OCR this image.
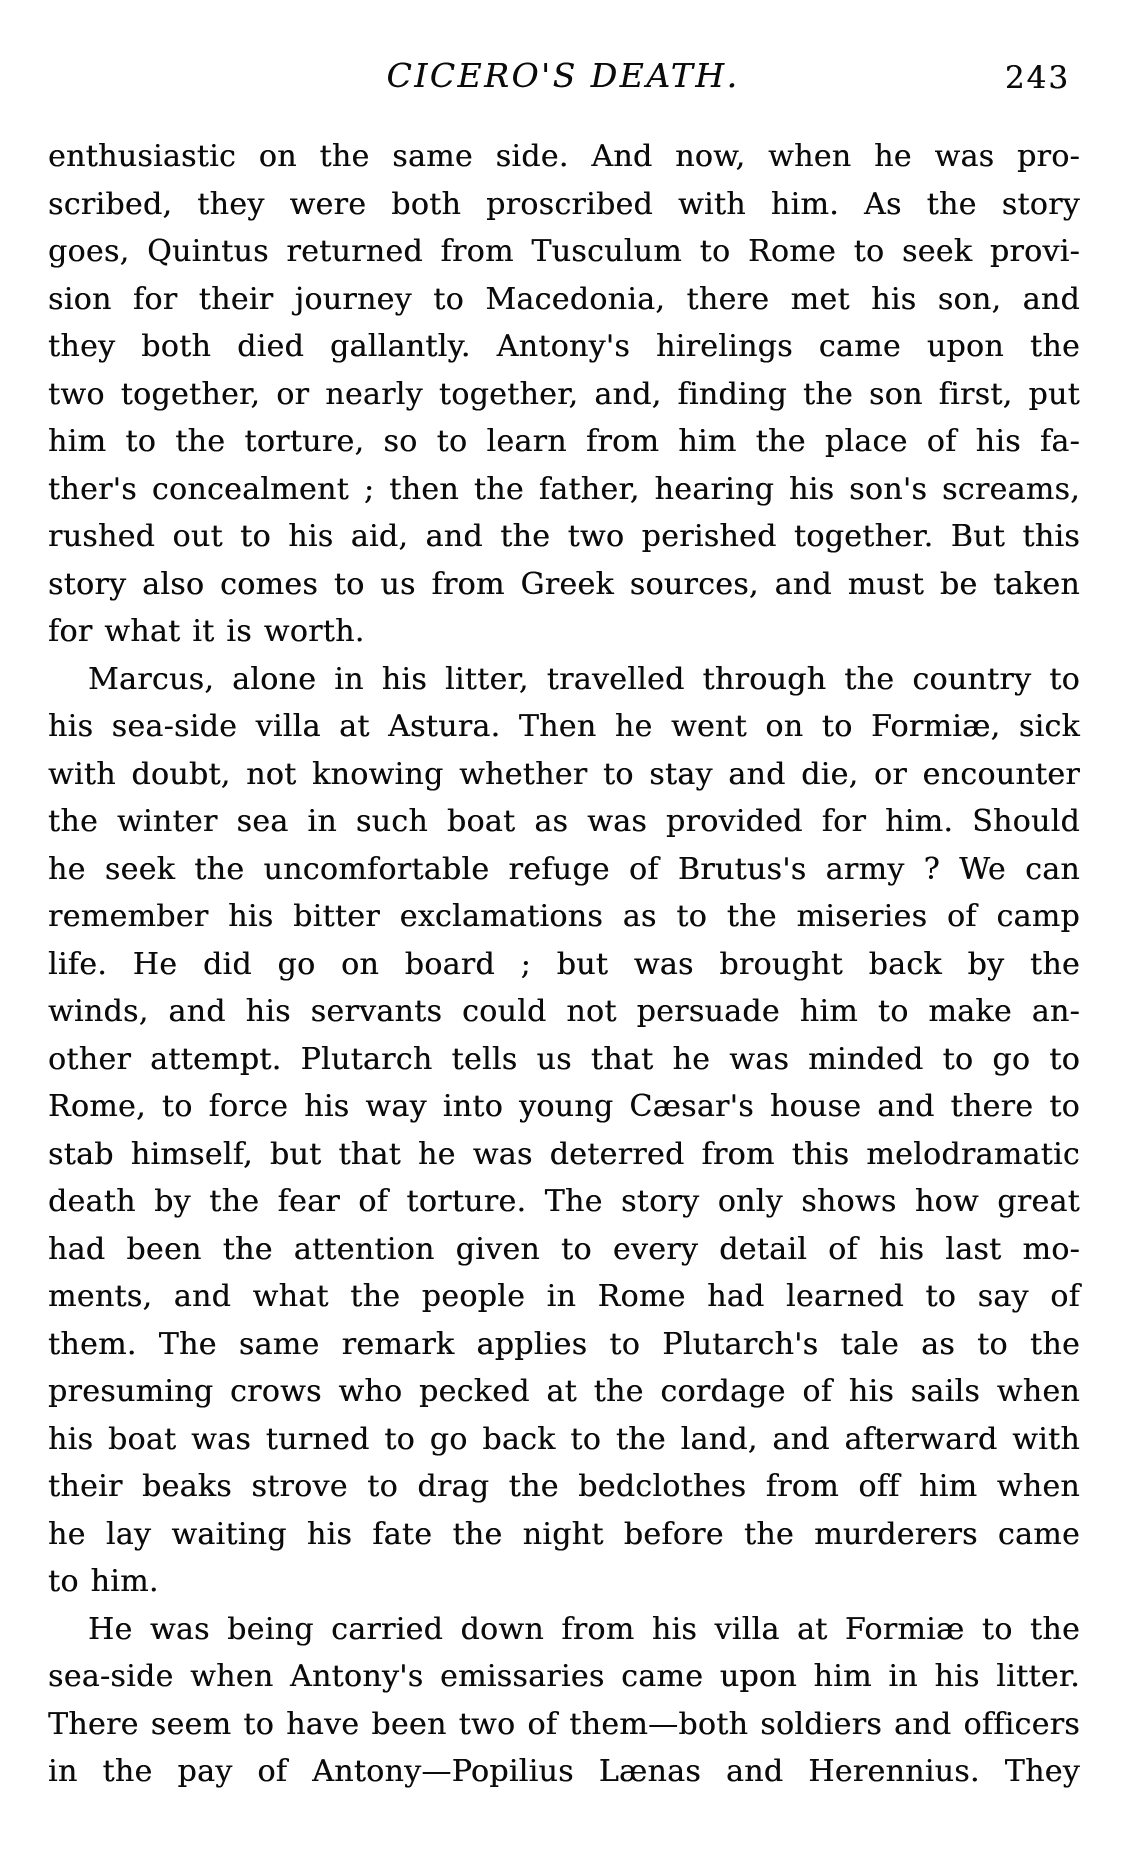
CICERO'S DEATH.	243
enthusiastic on the same side. And now, when he was pro-
scribed, they were both proscribed with him. As the story
goes, Quintus returned from Tusculum to Rome to seek provi-
sion for their journey to Macedonia, there met his son, and
they both died gallantly. Antony's hirelings came upon the
two together, or nearly together, and, finding the son first, put
him to the torture, so to learn from him the place of his fa-
ther's concealment ; then the father, hearing his son's screams,
rushed out to his aid, and the two perished together. But this
story also comes to us from Greek sources, and must be taken
for what it is worth.
Marcus, alone in his litter, travelled through the country to
his sea-side villa at Astura. Then he went on to Formiæ, sick
with doubt, not knowing whether to stay and die, or encounter
the winter sea in such boat as was provided for him. Should
he seek the uncomfortable refuge of Brutus's army ? We can
remember his bitter exclamations as to the miseries of camp
life. He did go on board ; but was brought back by the
winds, and his servants could not persuade him to make an-
other attempt. Plutarch tells us that he was minded to go to
Rome, to force his way into young Cæsar's house and there to
stab himself, but that he was deterred from this melodramatic
death by the fear of torture. The story only shows how great
had been the attention given to every detail of his last mo-
ments, and what the people in Rome had learned to say of
them. The same remark applies to Plutarch's tale as to the
presuming crows who pecked at the cordage of his sails when
his boat was turned to go back to the land, and afterward with
their beaks strove to drag the bedclothes from off him when
he lay waiting his fate the night before the murderers came
to him.
He was being carried down from his villa at Formiæ to the
sea-side when Antony's emissaries came upon him in his litter.
There seem to have been two of them—both soldiers and officers
in the pay of Antony—Popilius Lænas and Herennius. They
